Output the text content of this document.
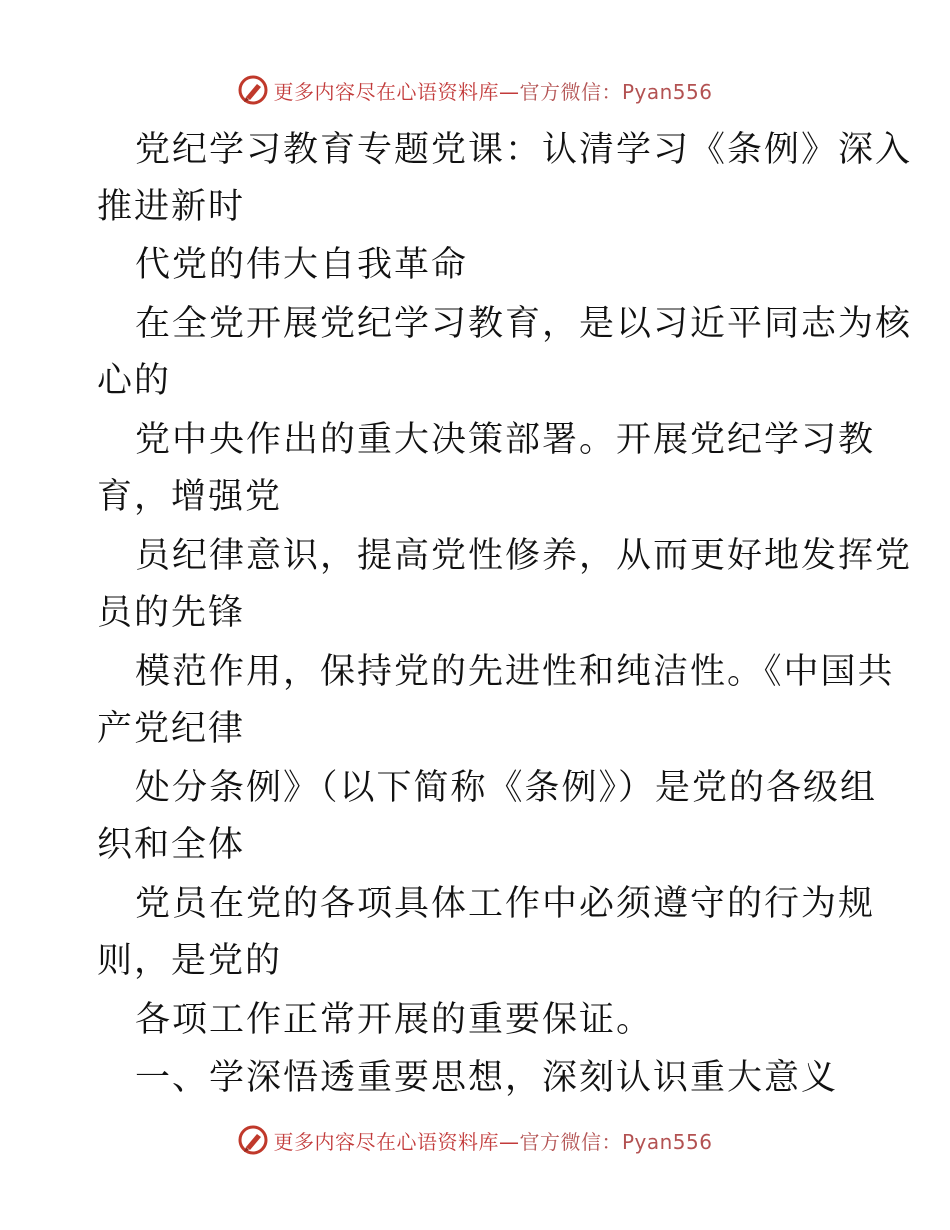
更多内容尽在心语资料库—官方微信：Pyan556
党纪学习教育专题党课：认清学习《条例》深入
推进新时
代党的伟大自我革命
在全党开展党纪学习教育，是以习近平同志为核
心的
党中央作出的重大决策部署。开展党纪学习教
育，增强党
员纪律意识，提高党性修养，从而更好地发挥党
员的先锋
模范作用，保持党的先进性和纯洁性。《中国共
产党纪律
处分条例》（以下简称《条例》）是党的各级组
织和全体
党员在党的各项具体工作中必须遵守的行为规
则，是党的
各项工作正常开展的重要保证。
一、学深悟透重要思想，深刻认识重大意义
更多内容尽在心语资料库—官方微信：Pyan556
